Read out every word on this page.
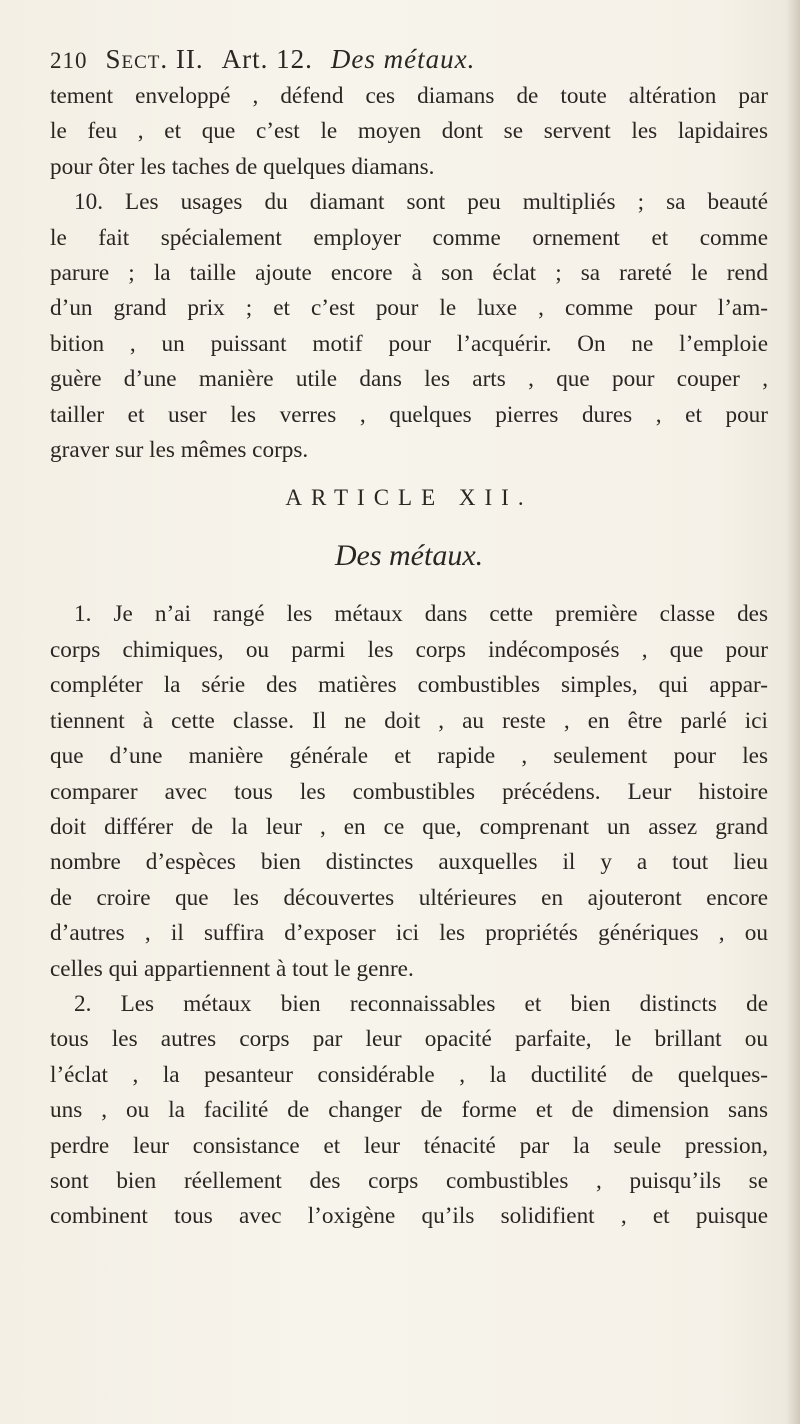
210 Sect. II. Art. 12. Des métaux.

tement enveloppé , défend ces diamans de toute altération par

le feu , et que c’est le moyen dont se servent les lapidaires

pour ôter les taches de quelques diamans.

10. Les usages du diamant sont peu multipliés ; sa beauté

le fait spécialement employer comme ornement et comme

parure ; la taille ajoute encore à son éclat ; sa rareté le rend

d’un grand prix ; et c’est pour le luxe , comme pour l’am-

bition , un puissant motif pour l’acquérir. On ne l’emploie

guère d’une manière utile dans les arts , que pour couper ,

tailler et user les verres , quelques pierres dures , et pour

graver sur les mêmes corps.

ARTICLE XII.
Des métaux.

1. Je n’ai rangé les métaux dans cette première classe des

corps chimiques, ou parmi les corps indécomposés , que pour

compléter la série des matières combustibles simples, qui appar-

tiennent à cette classe. Il ne doit , au reste , en être parlé ici

que d’une manière générale et rapide , seulement pour les

comparer avec tous les combustibles précédens. Leur histoire

doit différer de la leur , en ce que, comprenant un assez grand

nombre d’espèces bien distinctes auxquelles il y a tout lieu

de croire que les découvertes ultérieures en ajouteront encore

d’autres , il suffira d’exposer ici les propriétés génériques , ou

celles qui appartiennent à tout le genre.

2. Les métaux bien reconnaissables et bien distincts de

tous les autres corps par leur opacité parfaite, le brillant ou

l’éclat , la pesanteur considérable , la ductilité de quelques-

uns , ou la facilité de changer de forme et de dimension sans

perdre leur consistance et leur ténacité par la seule pression,

sont bien réellement des corps combustibles , puisqu’ils se

combinent tous avec l’oxigène qu’ils solidifient , et puisque
